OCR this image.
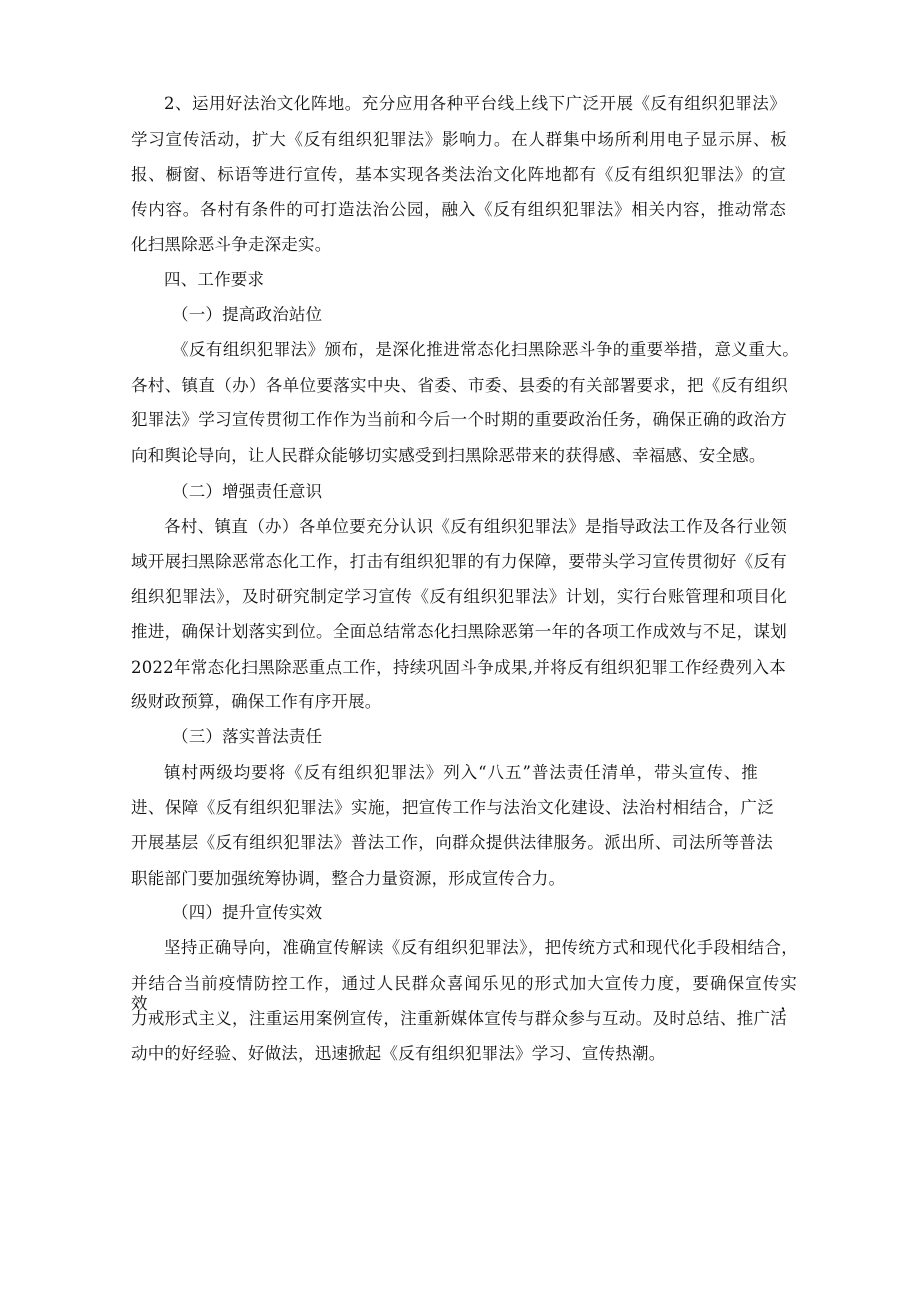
2、运用好法治文化阵地。充分应用各种平台线上线下广泛开展《反有组织犯罪法》
学习宣传活动，扩大《反有组织犯罪法》影响力。在人群集中场所利用电子显示屏、板
报、橱窗、标语等进行宣传，基本实现各类法治文化阵地都有《反有组织犯罪法》的宣
传内容。各村有条件的可打造法治公园，融入《反有组织犯罪法》相关内容，推动常态
化扫黑除恶斗争走深走实。
四、工作要求
（一）提高政治站位
《反有组织犯罪法》颁布，是深化推进常态化扫黑除恶斗争的重要举措，意义重大。
各村、镇直（办）各单位要落实中央、省委、市委、县委的有关部署要求，把《反有组织
犯罪法》学习宣传贯彻工作作为当前和今后一个时期的重要政治任务，确保正确的政治方
向和舆论导向，让人民群众能够切实感受到扫黑除恶带来的获得感、幸福感、安全感。
（二）增强责任意识
各村、镇直（办）各单位要充分认识《反有组织犯罪法》是指导政法工作及各行业领
域开展扫黑除恶常态化工作，打击有组织犯罪的有力保障，要带头学习宣传贯彻好《反有
组织犯罪法》，及时研究制定学习宣传《反有组织犯罪法》计划，实行台账管理和项目化
推进，确保计划落实到位。全面总结常态化扫黑除恶第一年的各项工作成效与不足，谋划
2022年常态化扫黑除恶重点工作，持续巩固斗争成果,并将反有组织犯罪工作经费列入本
级财政预算，确保工作有序开展。
（三）落实普法责任
镇村两级均要将《反有组织犯罪法》列入“八五”普法责任清单，带头宣传、推
进、保障《反有组织犯罪法》实施，把宣传工作与法治文化建设、法治村相结合，广泛
开展基层《反有组织犯罪法》普法工作，向群众提供法律服务。派出所、司法所等普法
职能部门要加强统筹协调，整合力量资源，形成宣传合力。
（四）提升宣传实效
坚持正确导向，准确宣传解读《反有组织犯罪法》，把传统方式和现代化手段相结合，
并结合当前疫情防控工作，通过人民群众喜闻乐见的形式加大宣传力度，要确保宣传实效，
力戒形式主义，注重运用案例宣传，注重新媒体宣传与群众参与互动。及时总结、推广活
动中的好经验、好做法，迅速掀起《反有组织犯罪法》学习、宣传热潮。
